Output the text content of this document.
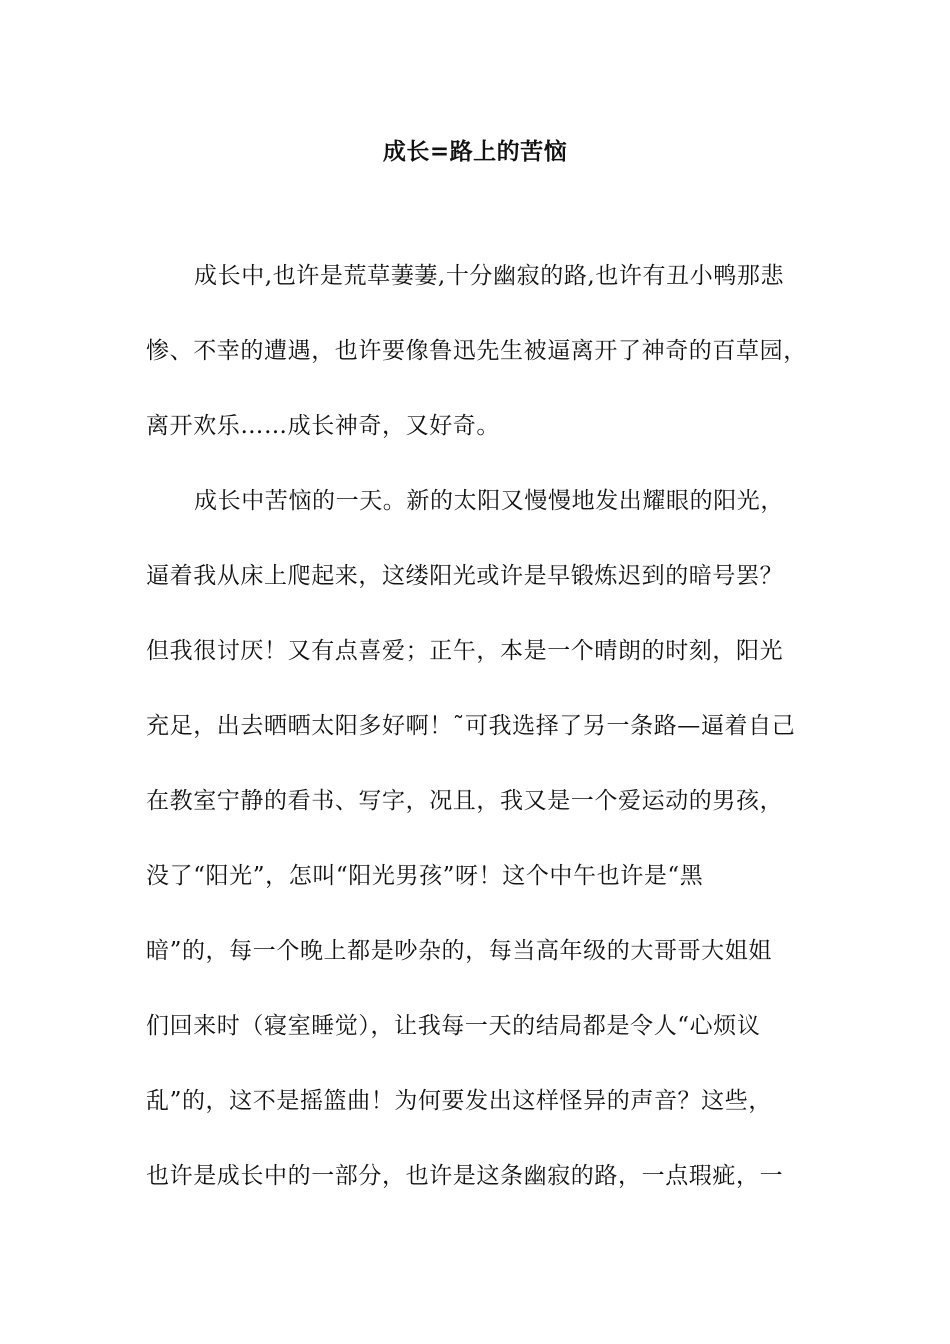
成长=路上的苦恼
成长中,也许是荒草萋萋,十分幽寂的路,也许有丑小鸭那悲
惨、不幸的遭遇，也许要像鲁迅先生被逼离开了神奇的百草园，
离开欢乐……成长神奇，又好奇。
成长中苦恼的一天。新的太阳又慢慢地发出耀眼的阳光，
逼着我从床上爬起来，这缕阳光或许是早锻炼迟到的暗号罢？
但我很讨厌！又有点喜爱；正午，本是一个晴朗的时刻，阳光
充足，出去晒晒太阳多好啊！˜可我选择了另一条路—逼着自己
在教室宁静的看书、写字，况且，我又是一个爱运动的男孩，
没了“阳光”，怎叫“阳光男孩”呀！这个中午也许是“黑
暗”的，每一个晚上都是吵杂的，每当高年级的大哥哥大姐姐
们回来时（寝室睡觉），让我每一天的结局都是令人“心烦议
乱”的，这不是摇篮曲！为何要发出这样怪异的声音？这些，
也许是成长中的一部分，也许是这条幽寂的路，一点瑕疵，一
